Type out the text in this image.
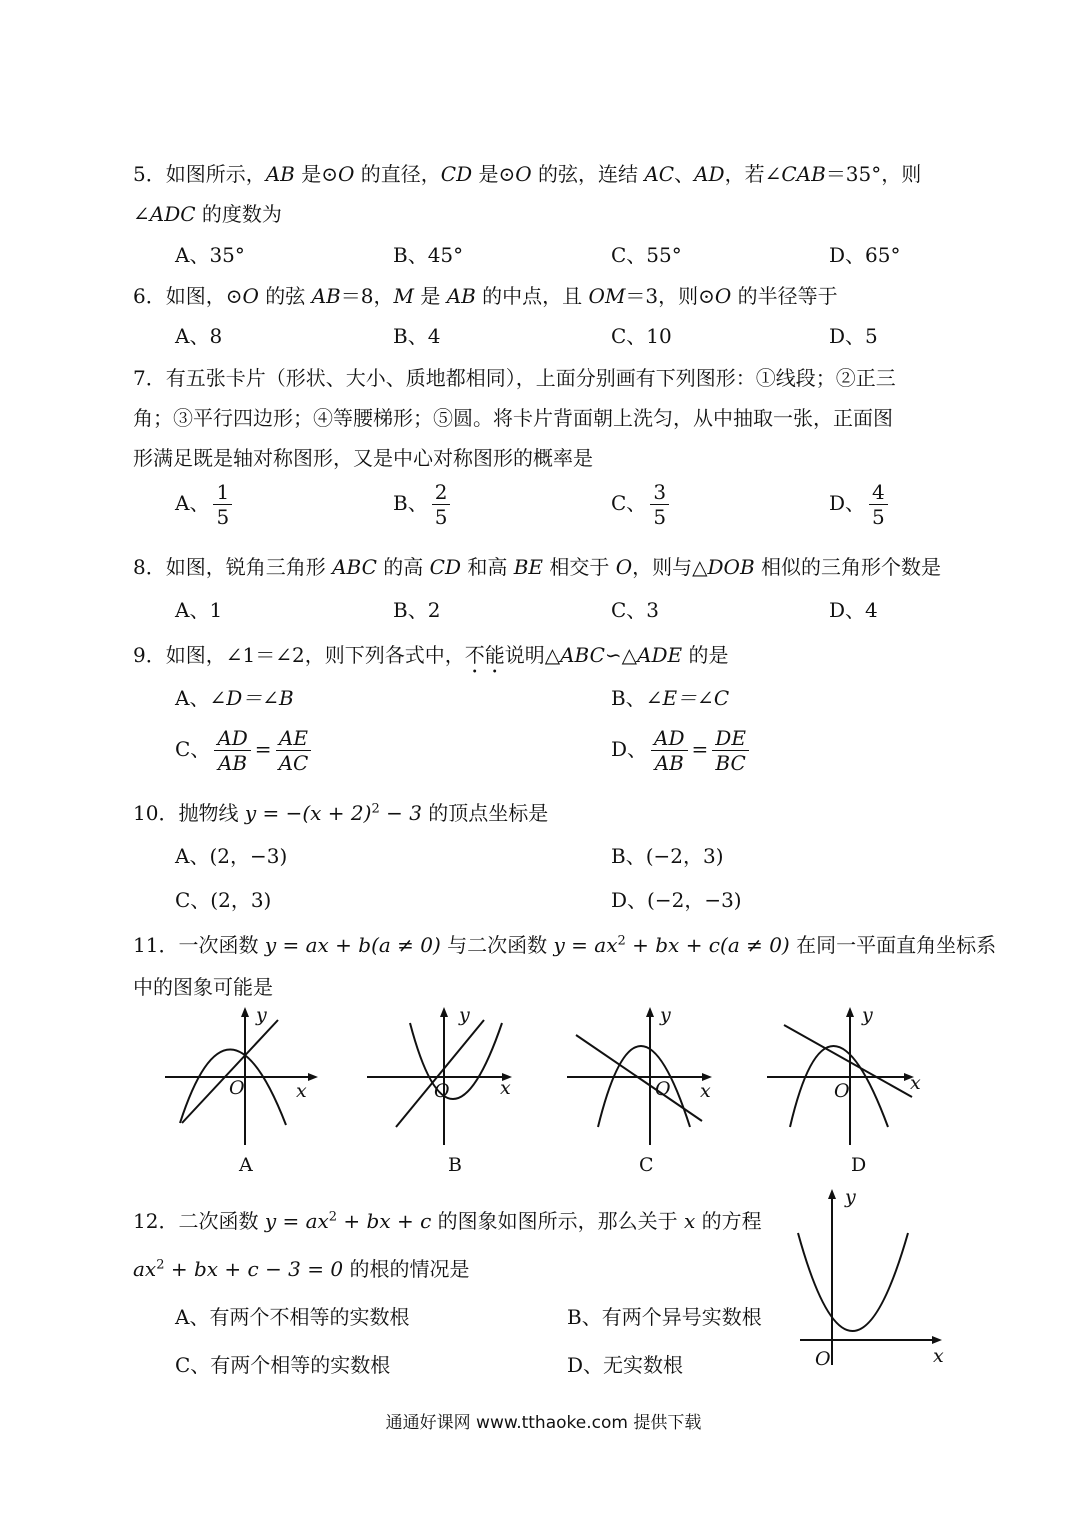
5．如图所示，AB 是⊙O 的直径，CD 是⊙O 的弦，连结 AC、AD，若∠CAB＝35°，则
∠ADC 的度数为
A、35°	B、45°	C、55°	D、65°
6．如图，⊙O 的弦 AB＝8，M 是 AB 的中点，且 OM＝3，则⊙O 的半径等于
A、8	B、4	C、10	D、5
7．有五张卡片（形状、大小、质地都相同），上面分别画有下列图形：①线段；②正三
角；③平行四边形；④等腰梯形；⑤圆。将卡片背面朝上洗匀，从中抽取一张，正面图
形满足既是轴对称图形，又是中心对称图形的概率是
A、 $\frac{1}{5}$	B、 $\frac{2}{5}$	C、 $\frac{3}{5}$	D、 $\frac{4}{5}$
8．如图，锐角三角形 ABC 的高 CD 和高 BE 相交于 O，则与△DOB 相似的三角形个数是
A、1	B、2	C、3	D、4
9．如图，∠1＝∠2，则下列各式中，不能说明△ABC∽△ADE 的是
A、∠D＝∠B	B、∠E＝∠C
C、 $\frac{AD}{AB} = \frac{AE}{AC}$	D、 $\frac{AD}{AB} = \frac{DE}{BC}$
10．抛物线 $y = -(x + 2)^2 - 3$ 的顶点坐标是
A、(2，−3)	B、(−2，3)
C、(2，3)	D、(−2，−3)
11．一次函数 y = ax + b(a ≠ 0) 与二次函数 $y = ax^2$ + bx + c(a ≠ 0) 在同一平面直角坐标系
中的图象可能是
y
x
O
A
y
x
O
B
y
x
O
C
y
x
O
D
12．二次函数 $y = ax^2$ + bx + c 的图象如图所示，那么关于 x 的方程
$ax^2$ + bx + c − 3 = 0 的根的情况是
A、有两个不相等的实数根	B、有两个异号实数根
C、有两个相等的实数根	D、无实数根
y
x
O
通通好课网 www.tthaoke.com 提供下载
